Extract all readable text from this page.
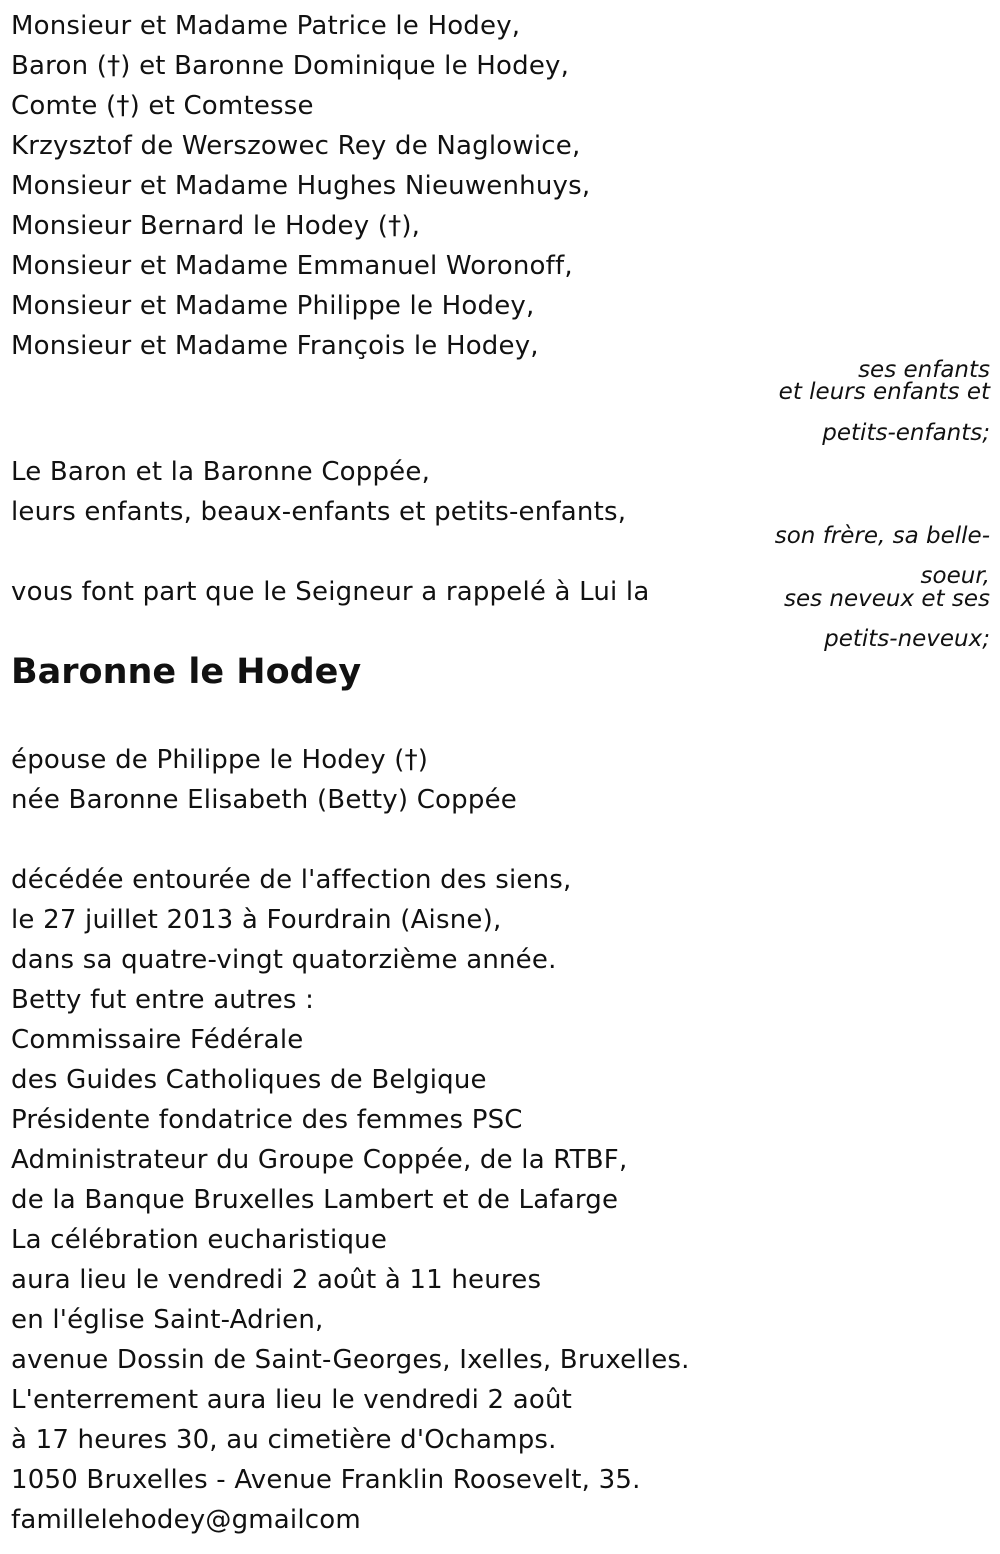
Monsieur et Madame Patrice le Hodey,
Baron (†) et Baronne Dominique le Hodey,
Comte (†) et Comtesse
Krzysztof de Werszowec Rey de Naglowice,
Monsieur et Madame Hughes Nieuwenhuys,
Monsieur Bernard le Hodey (†),
Monsieur et Madame Emmanuel Woronoff,
Monsieur et Madame Philippe le Hodey,
Monsieur et Madame François le Hodey,
ses enfants
et leurs enfants et
petits-enfants;
Le Baron et la Baronne Coppée,
leurs enfants, beaux-enfants et petits-enfants,
son frère, sa belle-
soeur,
ses neveux et ses
petits-neveux;
vous font part que le Seigneur a rappelé à Lui la
Baronne le Hodey
épouse de Philippe le Hodey (†)
née Baronne Elisabeth (Betty) Coppée
décédée entourée de l'affection des siens,
le 27 juillet 2013 à Fourdrain (Aisne),
dans sa quatre-vingt quatorzième année.
Betty fut entre autres :
Commissaire Fédérale
des Guides Catholiques de Belgique
Présidente fondatrice des femmes PSC
Administrateur du Groupe Coppée, de la RTBF,
de la Banque Bruxelles Lambert et de Lafarge
La célébration eucharistique
aura lieu le vendredi 2 août à 11 heures
en l'église Saint-Adrien,
avenue Dossin de Saint-Georges, Ixelles, Bruxelles.
L'enterrement aura lieu le vendredi 2 août
à 17 heures 30, au cimetière d'Ochamps.
1050 Bruxelles - Avenue Franklin Roosevelt, 35.
famillelehodey@gmailcom
